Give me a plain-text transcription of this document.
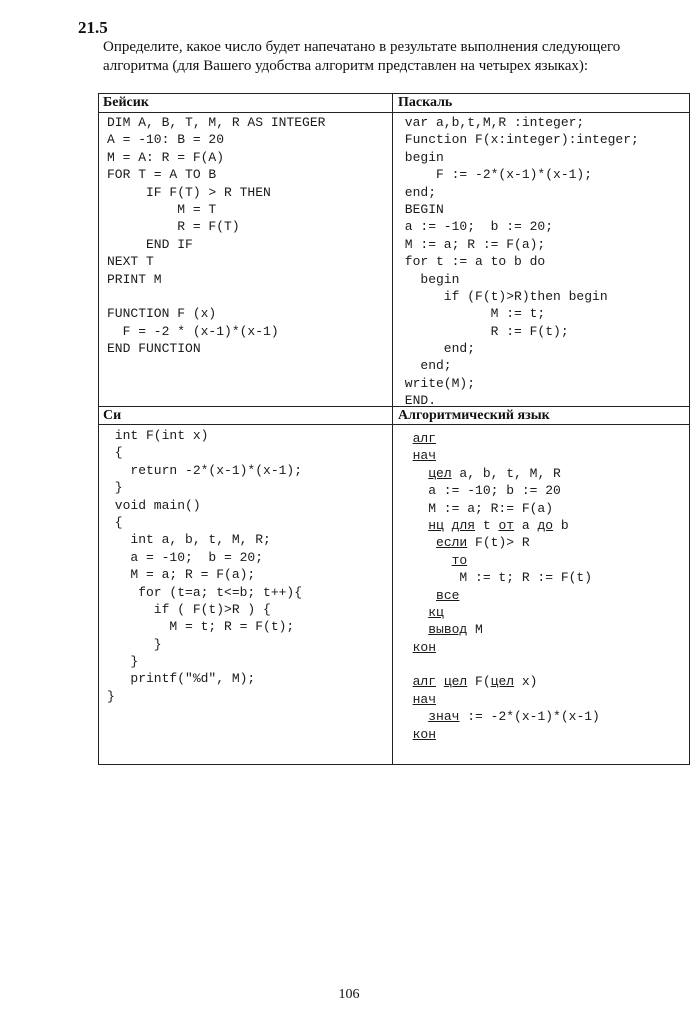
21.5
Определите, какое число будет напечатано в результате выполнения следующего
алгоритма (для Вашего удобства алгоритм представлен на четырех языках):
Бейсик	Паскаль
Си	Алгоритмический язык
DIM A, B, T, M, R AS INTEGER
A = -10: B = 20
M = A: R = F(A)
FOR T = A TO B
IF F(T) > R THEN
M = T
R = F(T)
END IF
NEXT T
PRINT M
FUNCTION F (x)
F = -2 * (x-1)*(x-1)
END FUNCTION
var a,b,t,M,R :integer;
Function F(x:integer):integer;
begin
F := -2*(x-1)*(x-1);
end;
BEGIN
a := -10;  b := 20;
M := a; R := F(a);
for t := a to b do
begin
if (F(t)>R)then begin
M := t;
R := F(t);
end;
end;
write(M);
END.
int F(int x)
{
return -2*(x-1)*(x-1);
}
void main()
{
int a, b, t, M, R;
a = -10;  b = 20;
M = a; R = F(a);
for (t=a; t<=b; t++){
if ( F(t)>R ) {
M = t; R = F(t);
}
}
printf("%d", M);
}
алг
нач
цел a, b, t, M, R
a := -10; b := 20
M := a; R:= F(a)
нц для t от a до b
если F(t)> R
то
M := t; R := F(t)
все
кц
вывод M
кон
алг цел F(цел x)
нач
знач := -2*(x-1)*(x-1)
кон
106
